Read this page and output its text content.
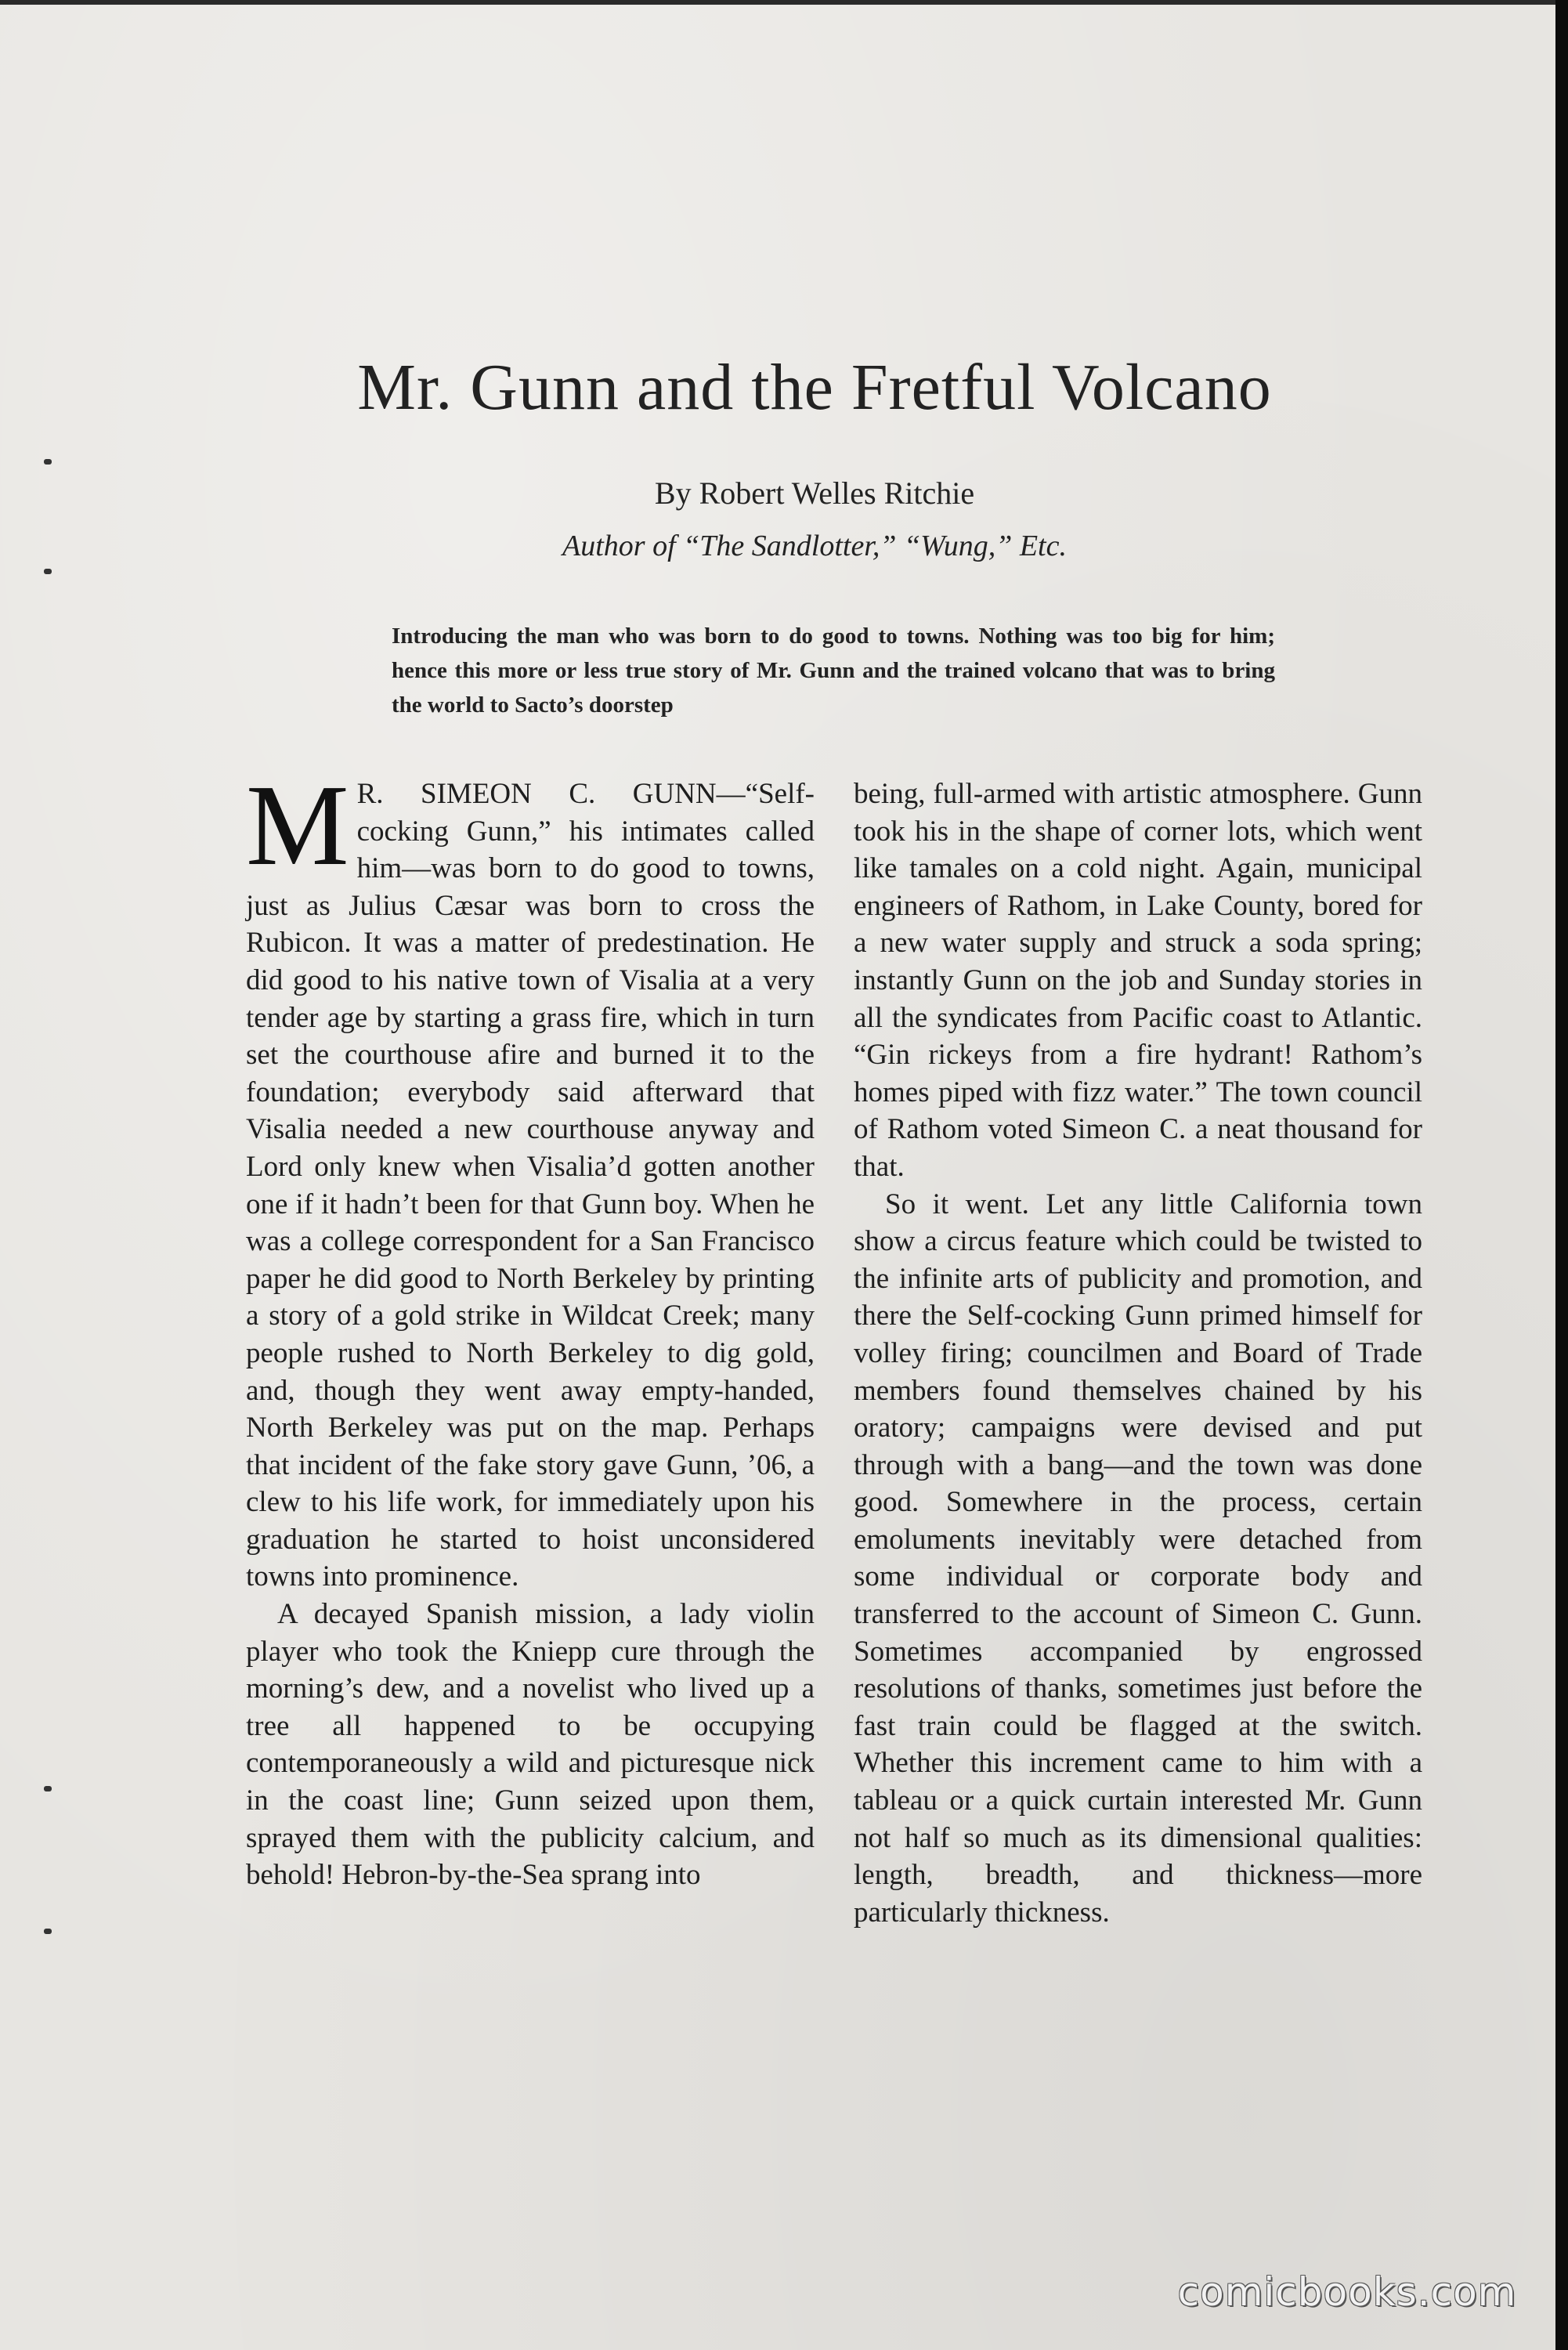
Mr. Gunn and the Fretful Volcano
By Robert Welles Ritchie
Author of “The Sandlotter,” “Wung,” Etc.
Introducing the man who was born to do good to towns. Nothing was too big for him; hence this more or less true story of Mr. Gunn and the trained volcano that was to bring the world to Sacto’s doorstep

M R. SIMEON C. GUNN—“Self-cocking Gunn,” his intimates called him—was born to do good to towns, just as Julius Cæsar was born to cross the Rubicon. It was a matter of predestination. He did good to his native town of Visalia at a very tender age by starting a grass fire, which in turn set the courthouse afire and burned it to the foundation; everybody said afterward that Visalia needed a new courthouse anyway and Lord only knew when Visalia’d gotten another one if it hadn’t been for that Gunn boy. When he was a college correspondent for a San Francisco paper he did good to North Berkeley by printing a story of a gold strike in Wildcat Creek; many people rushed to North Berkeley to dig gold, and, though they went away empty-handed, North Berkeley was put on the map. Perhaps that incident of the fake story gave Gunn, ’06, a clew to his life work, for immediately upon his graduation he started to hoist unconsidered towns into prominence.

A decayed Spanish mission, a lady violin player who took the Kniepp cure through the morning’s dew, and a novelist who lived up a tree all happened to be occupying contemporaneously a wild and picturesque nick in the coast line; Gunn seized upon them, sprayed them with the publicity calcium, and behold! Hebron-by-the-Sea sprang into

being, full-armed with artistic atmosphere. Gunn took his in the shape of corner lots, which went like tamales on a cold night. Again, municipal engineers of Rathom, in Lake County, bored for a new water supply and struck a soda spring; instantly Gunn on the job and Sunday stories in all the syndicates from Pacific coast to Atlantic. “Gin rickeys from a fire hydrant! Rathom’s homes piped with fizz water.” The town council of Rathom voted Simeon C. a neat thousand for that.

So it went. Let any little California town show a circus feature which could be twisted to the infinite arts of publicity and promotion, and there the Self-cocking Gunn primed himself for volley firing; councilmen and Board of Trade members found themselves chained by his oratory; campaigns were devised and put through with a bang—and the town was done good. Somewhere in the process, certain emoluments inevitably were detached from some individual or corporate body and transferred to the account of Simeon C. Gunn. Sometimes accompanied by engrossed resolutions of thanks, sometimes just before the fast train could be flagged at the switch. Whether this increment came to him with a tableau or a quick curtain interested Mr. Gunn not half so much as its dimensional qualities: length, breadth, and thickness—more particularly thickness.

comicbooks.com
